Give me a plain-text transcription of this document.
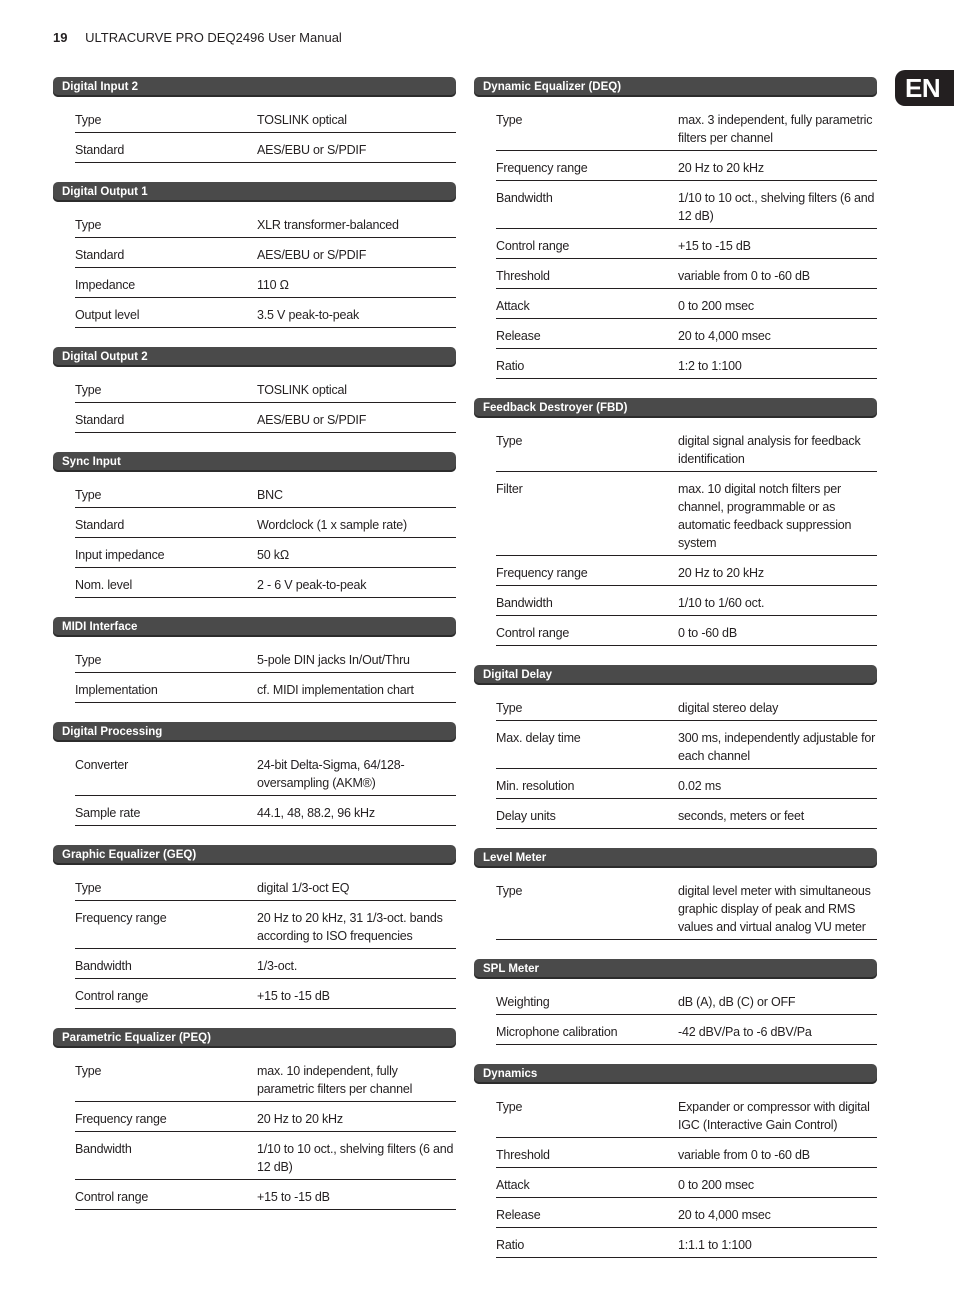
19 ULTRACURVE PRO DEQ2496 User Manual
EN
Digital Input 2
Type	TOSLINK optical
Standard	AES/EBU or S/PDIF
Digital Output 1
Type	XLR transformer-balanced
Standard	AES/EBU or S/PDIF
Impedance	110 Ω
Output level	3.5 V peak-to-peak
Digital Output 2
Type	TOSLINK optical
Standard	AES/EBU or S/PDIF
Sync Input
Type	BNC
Standard	Wordclock (1 x sample rate)
Input impedance	50 kΩ
Nom. level	2 - 6 V peak-to-peak
MIDI Interface
Type	5-pole DIN jacks In/Out/Thru
Implementation	cf. MIDI implementation chart
Digital Processing
Converter	24-bit Delta-Sigma, 64/128-oversampling (AKM®)
Sample rate	44.1, 48, 88.2, 96 kHz
Graphic Equalizer (GEQ)
Type	digital 1/3-oct EQ
Frequency range	20 Hz to 20 kHz, 31 1/3-oct. bands according to ISO frequencies
Bandwidth	1/3-oct.
Control range	+15 to -15 dB
Parametric Equalizer (PEQ)
Type	max. 10 independent, fully parametric filters per channel
Frequency range	20 Hz to 20 kHz
Bandwidth	1/10 to 10 oct., shelving filters (6 and 12 dB)
Control range	+15 to -15 dB
Dynamic Equalizer (DEQ)
Type	max. 3 independent, fully parametric filters per channel
Frequency range	20 Hz to 20 kHz
Bandwidth	1/10 to 10 oct., shelving filters (6 and 12 dB)
Control range	+15 to -15 dB
Threshold	variable from 0 to -60 dB
Attack	0 to 200 msec
Release	20 to 4,000 msec
Ratio	1:2 to 1:100
Feedback Destroyer (FBD)
Type	digital signal analysis for feedback identification
Filter	max. 10 digital notch filters per channel, programmable or as automatic feedback suppression system
Frequency range	20 Hz to 20 kHz
Bandwidth	1/10 to 1/60 oct.
Control range	0 to -60 dB
Digital Delay
Type	digital stereo delay
Max. delay time	300 ms, independently adjustable for each channel
Min. resolution	0.02 ms
Delay units	seconds, meters or feet
Level Meter
Type	digital level meter with simultaneous graphic display of peak and RMS values and virtual analog VU meter
SPL Meter
Weighting	dB (A), dB (C) or OFF
Microphone calibration	-42 dBV/Pa to -6 dBV/Pa
Dynamics
Type	Expander or compressor with digital IGC (Interactive Gain Control)
Threshold	variable from 0 to -60 dB
Attack	0 to 200 msec
Release	20 to 4,000 msec
Ratio	1:1.1 to 1:100
